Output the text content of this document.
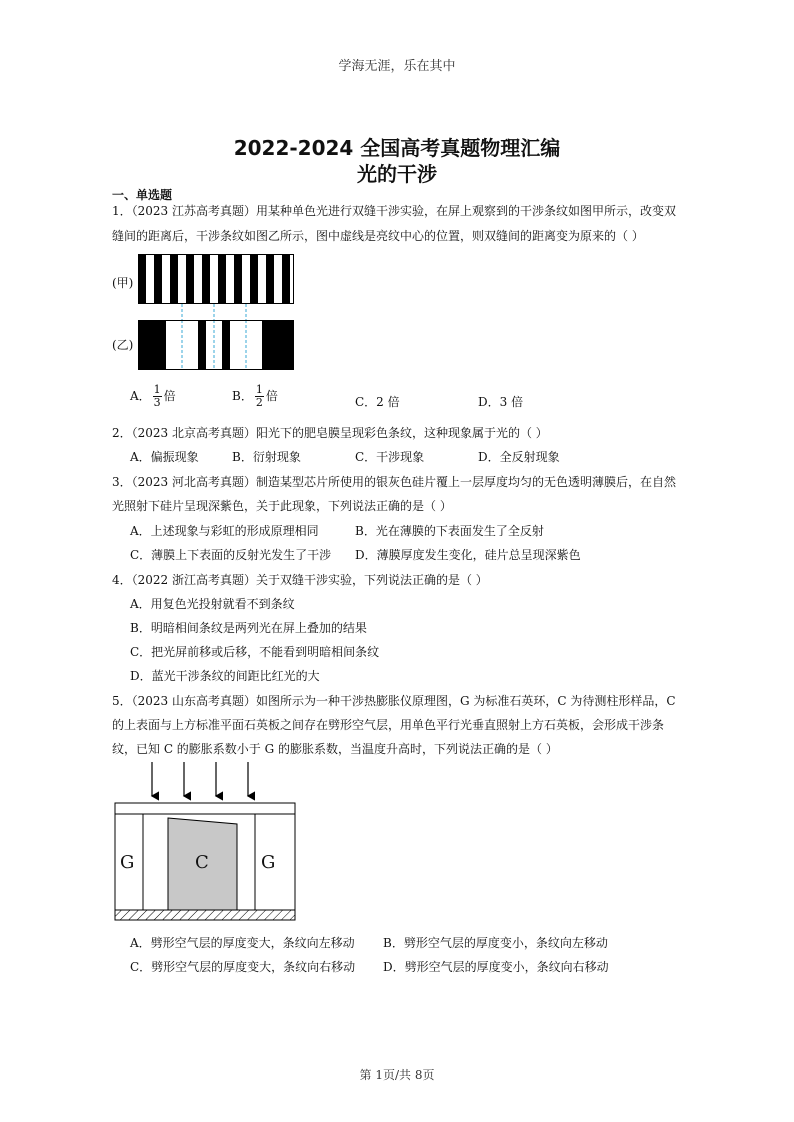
学海无涯，乐在其中
2022-2024 全国高考真题物理汇编
光的干涉
一、单选题
1．（2023 江苏高考真题）用某种单色光进行双缝干涉实验，在屏上观察到的干涉条纹如图甲所示，改变双
缝间的距离后，干涉条纹如图乙所示，图中虚线是亮纹中心的位置，则双缝间的距离变为原来的（ ）
(甲)
(乙)
A． $\frac{1}{3}$ 倍	B． $\frac{1}{2}$ 倍	C．2 倍	D．3 倍
2．（2023 北京高考真题）阳光下的肥皂膜呈现彩色条纹，这种现象属于光的（ ）
A．偏振现象	B．衍射现象	C．干涉现象	D．全反射现象
3．（2023 河北高考真题）制造某型芯片所使用的银灰色硅片覆上一层厚度均匀的无色透明薄膜后，在自然
光照射下硅片呈现深紫色，关于此现象，下列说法正确的是（ ）
A．上述现象与彩虹的形成原理相同	B．光在薄膜的下表面发生了全反射
C．薄膜上下表面的反射光发生了干涉 D．薄膜厚度发生变化，硅片总呈现深紫色
4．（2022 浙江高考真题）关于双缝干涉实验，下列说法正确的是（ ）
A．用复色光投射就看不到条纹
B．明暗相间条纹是两列光在屏上叠加的结果
C．把光屏前移或后移，不能看到明暗相间条纹
D．蓝光干涉条纹的间距比红光的大
5．（2023 山东高考真题）如图所示为一种干涉热膨胀仪原理图，G 为标准石英环，C 为待测柱形样品，C
的上表面与上方标准平面石英板之间存在劈形空气层，用单色平行光垂直照射上方石英板，会形成干涉条
纹，已知 C 的膨胀系数小于 G 的膨胀系数，当温度升高时，下列说法正确的是（ ）
G	C	G
A．劈形空气层的厚度变大，条纹向左移动 B．劈形空气层的厚度变小，条纹向左移动
C．劈形空气层的厚度变大，条纹向右移动 D．劈形空气层的厚度变小，条纹向右移动
第 1页/共 8页
